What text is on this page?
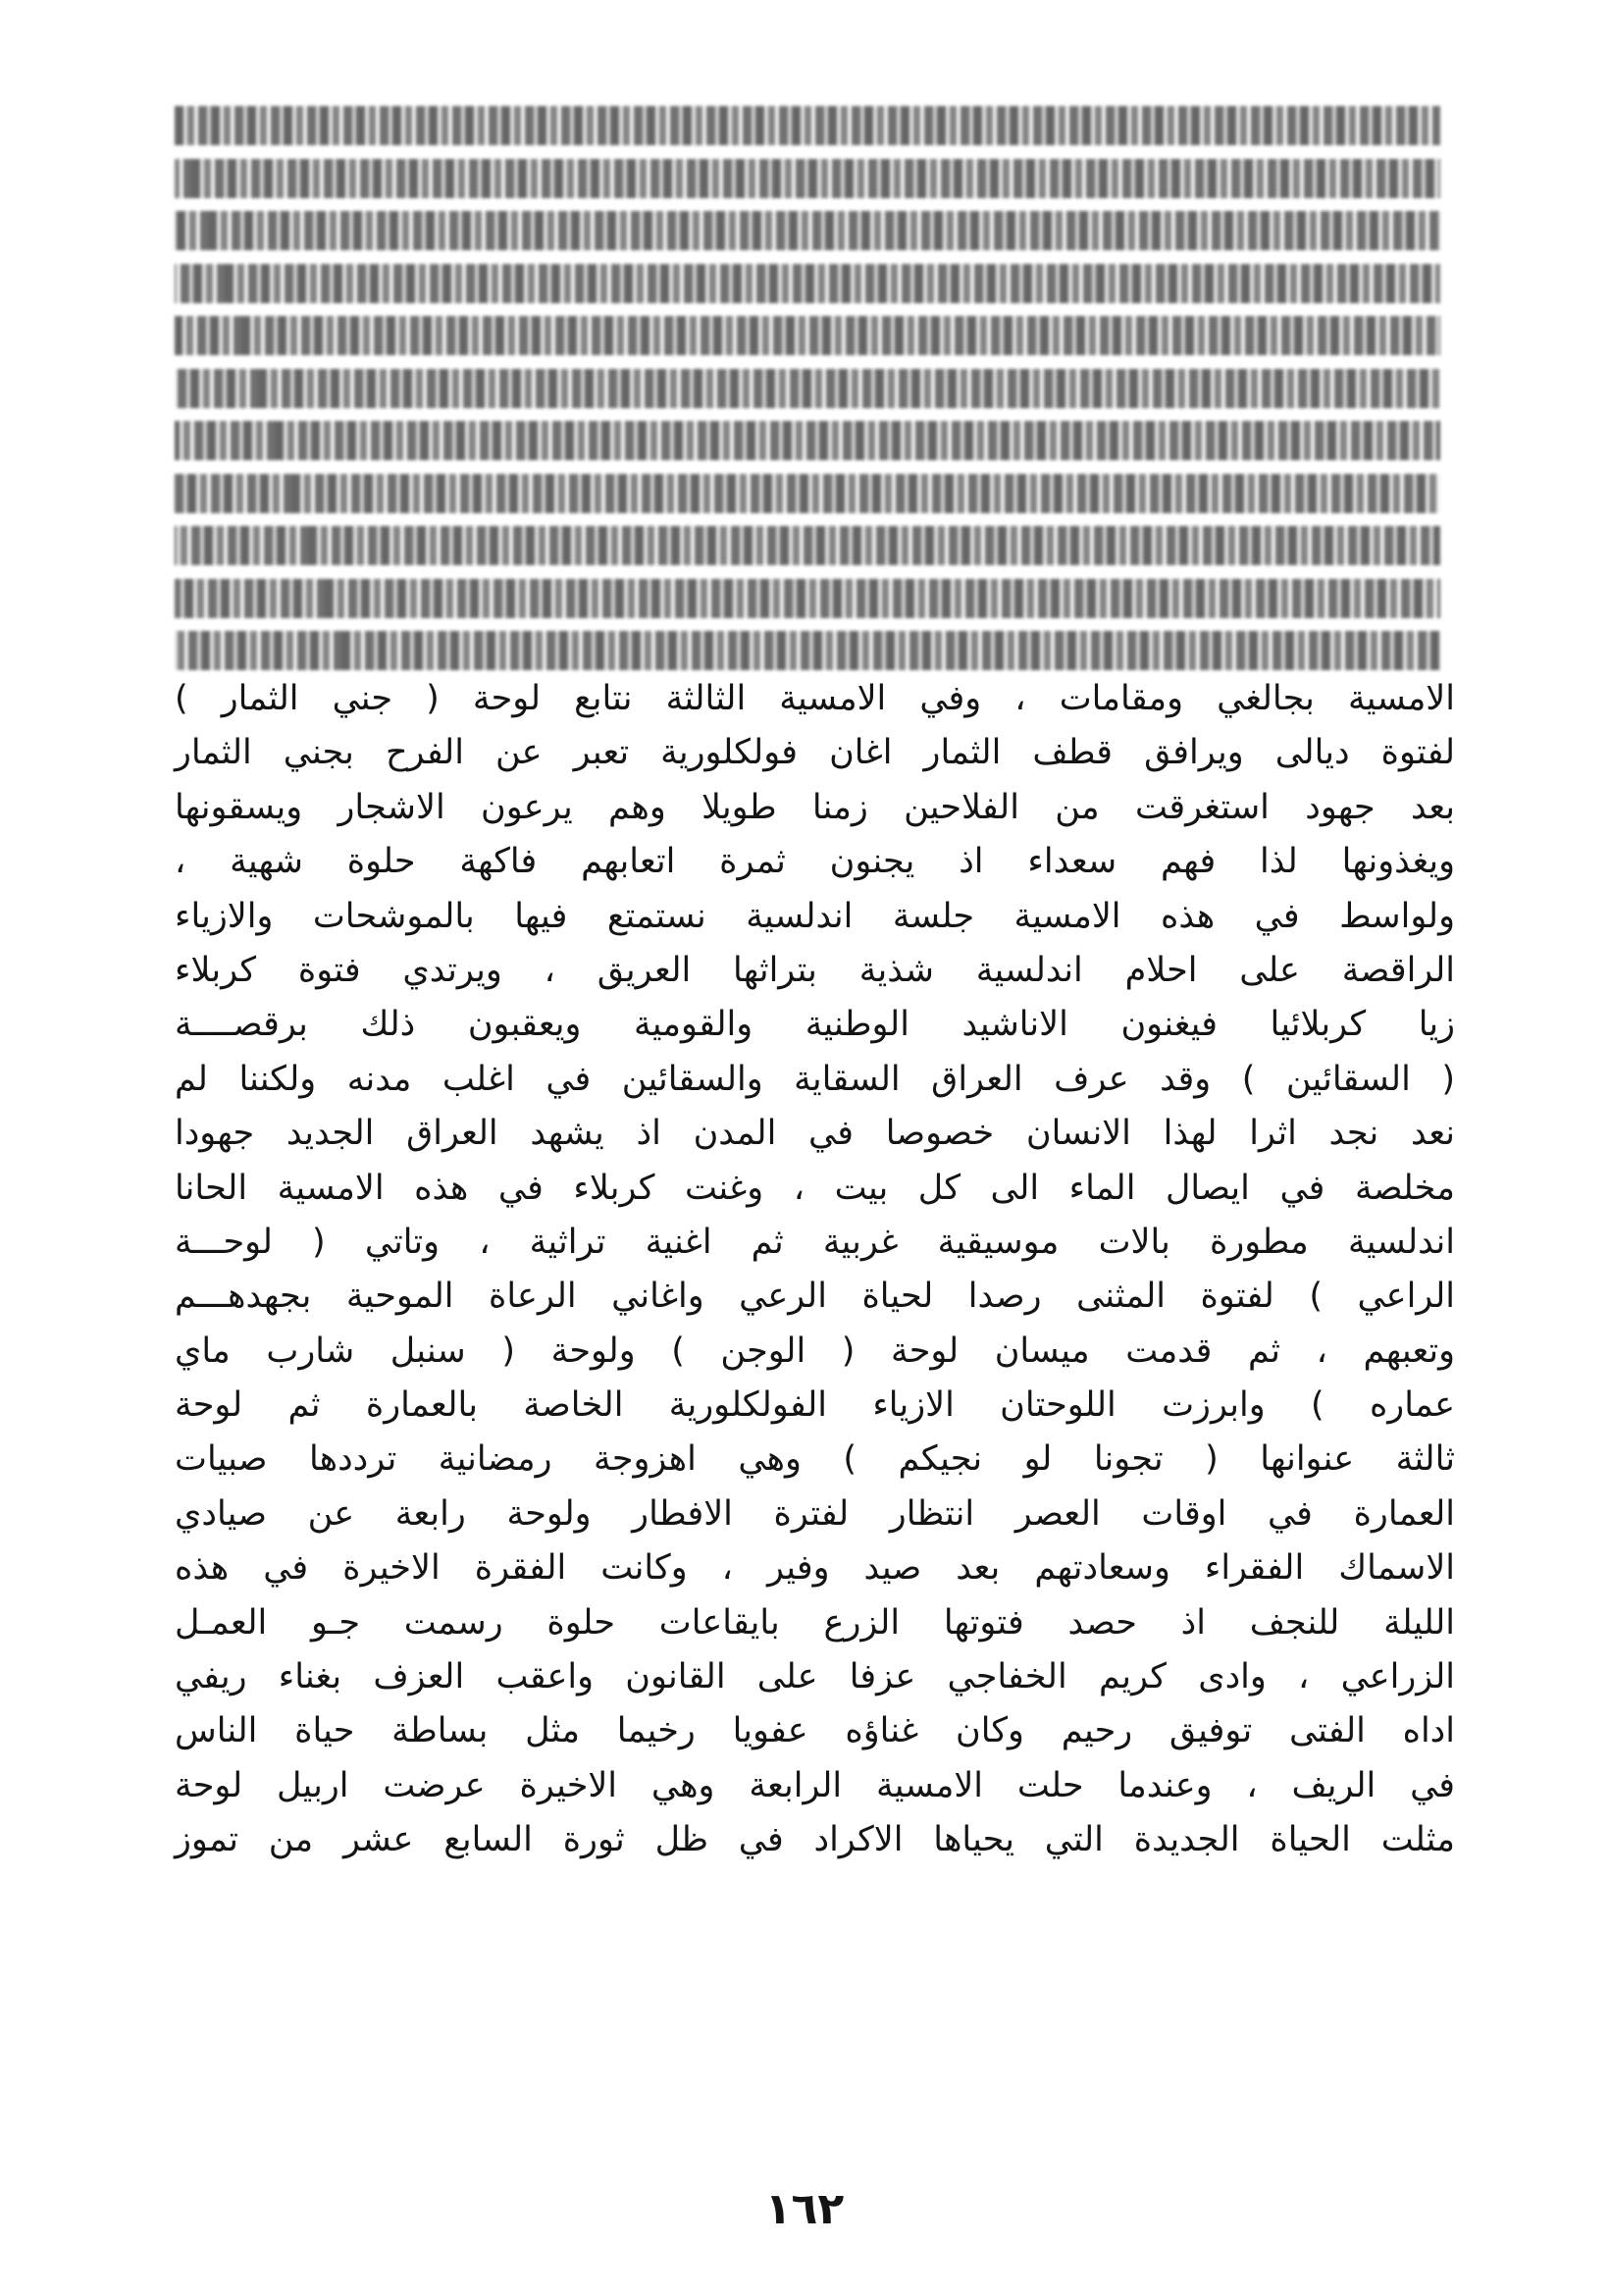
الامسية بجالغي ومقامات ، وفي الامسية الثالثة نتابع لوحة ( جني الثمار )
لفتوة ديالى ويرافق قطف الثمار اغان فولكلورية تعبر عن الفرح بجني الثمار
بعد جهود استغرقت من الفلاحين زمنا طويلا وهم يرعون الاشجار ويسقونها
ويغذونها لذا فهم سعداء اذ يجنون ثمرة اتعابهم فاكهة حلوة شهية ،
ولواسط في هذه الامسية جلسة اندلسية نستمتع فيها بالموشحات والازياء
الراقصة على احلام اندلسية شذية بتراثها العريق ، ويرتدي فتوة كربلاء
زيا كربلائيا فيغنون الاناشيد الوطنية والقومية ويعقبون ذلك برقصــــة
( السقائين ) وقد عرف العراق السقاية والسقائين في اغلب مدنه ولكننا لم
نعد نجد اثرا لهذا الانسان خصوصا في المدن اذ يشهد العراق الجديد جهودا
مخلصة في ايصال الماء الى كل بيت ، وغنت كربلاء في هذه الامسية الحانا
اندلسية مطورة بالات موسيقية غربية ثم اغنية تراثية ، وتاتي ( لوحـــة
الراعي ) لفتوة المثنى رصدا لحياة الرعي واغاني الرعاة الموحية بجهدهـــم
وتعبهم ، ثم قدمت ميسان لوحة ( الوجن ) ولوحة ( سنبل شارب ماي
عماره ) وابرزت اللوحتان الازياء الفولكلورية الخاصة بالعمارة ثم لوحة
ثالثة عنوانها ( تجونا لو نجيكم ) وهي اهزوجة رمضانية ترددها صبيات
العمارة في اوقات العصر انتظار لفترة الافطار ولوحة رابعة عن صيادي
الاسماك الفقراء وسعادتهم بعد صيد وفير ، وكانت الفقرة الاخيرة في هذه
الليلة للنجف اذ حصد فتوتها الزرع بايقاعات حلوة رسمت جـو العمـل
الزراعي ، وادى كريم الخفاجي عزفا على القانون واعقب العزف بغناء ريفي
اداه الفتى توفيق رحيم وكان غناؤه عفويا رخيما مثل بساطة حياة الناس
في الريف ، وعندما حلت الامسية الرابعة وهي الاخيرة عرضت اربيل لوحة
مثلت الحياة الجديدة التي يحياها الاكراد في ظل ثورة السابع عشر من تموز
١٦٢
